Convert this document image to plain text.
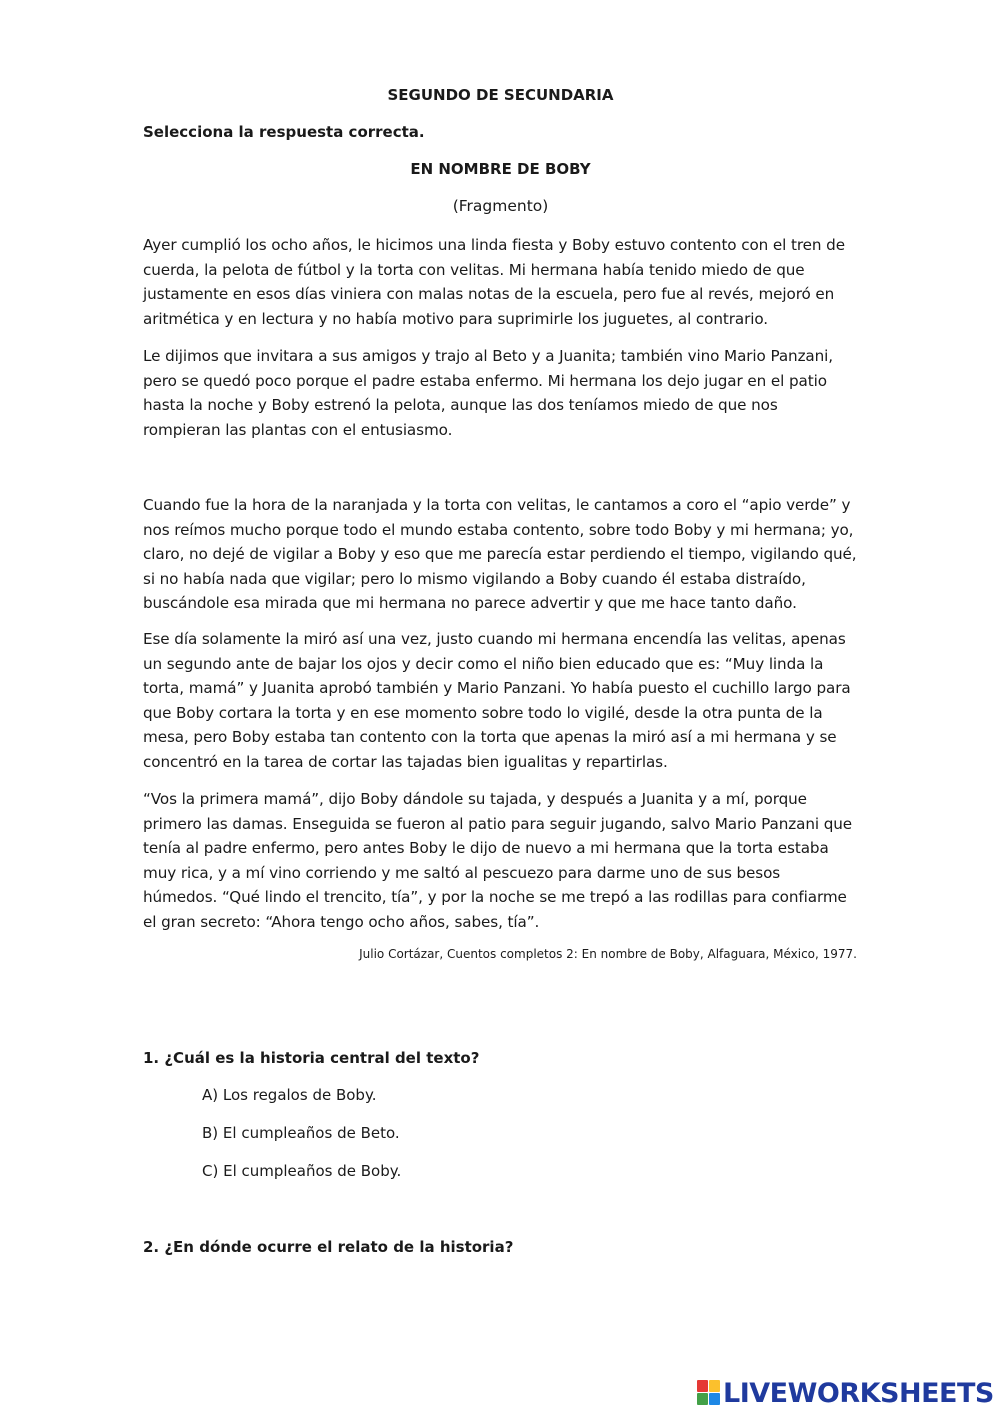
SEGUNDO DE SECUNDARIA
Selecciona la respuesta correcta.
EN NOMBRE DE BOBY
(Fragmento)

Ayer cumplió los ocho años, le hicimos una linda fiesta y Boby estuvo contento con el tren de cuerda, la pelota de fútbol y la torta con velitas. Mi hermana había tenido miedo de que justamente en esos días viniera con malas notas de la escuela, pero fue al revés, mejoró en aritmética y en lectura y no había motivo para suprimirle los juguetes, al contrario.

Le dijimos que invitara a sus amigos y trajo al Beto y a Juanita; también vino Mario Panzani, pero se quedó poco porque el padre estaba enfermo. Mi hermana los dejo jugar en el patio hasta la noche y Boby estrenó la pelota, aunque las dos teníamos miedo de que nos rompieran las plantas con el entusiasmo.

Cuando fue la hora de la naranjada y la torta con velitas, le cantamos a coro el “apio verde” y nos reímos mucho porque todo el mundo estaba contento, sobre todo Boby y mi hermana; yo, claro, no dejé de vigilar a Boby y eso que me parecía estar perdiendo el tiempo, vigilando qué, si no había nada que vigilar; pero lo mismo vigilando a Boby cuando él estaba distraído, buscándole esa mirada que mi hermana no parece advertir y que me hace tanto daño.

Ese día solamente la miró así una vez, justo cuando mi hermana encendía las velitas, apenas un segundo ante de bajar los ojos y decir como el niño bien educado que es: “Muy linda la torta, mamá” y Juanita aprobó también y Mario Panzani. Yo había puesto el cuchillo largo para que Boby cortara la torta y en ese momento sobre todo lo vigilé, desde la otra punta de la mesa, pero Boby estaba tan contento con la torta que apenas la miró así a mi hermana y se concentró en la tarea de cortar las tajadas bien igualitas y repartirlas.

“Vos la primera mamá”, dijo Boby dándole su tajada, y después a Juanita y a mí, porque primero las damas. Enseguida se fueron al patio para seguir jugando, salvo Mario Panzani que tenía al padre enfermo, pero antes Boby le dijo de nuevo a mi hermana que la torta estaba muy rica, y a mí vino corriendo y me saltó al pescuezo para darme uno de sus besos húmedos. “Qué lindo el trencito, tía”, y por la noche se me trepó a las rodillas para confiarme el gran secreto: “Ahora tengo ocho años, sabes, tía”.

Julio Cortázar, Cuentos completos 2: En nombre de Boby, Alfaguara, México, 1977.
1. ¿Cuál es la historia central del texto?
A) Los regalos de Boby.
B) El cumpleaños de Beto.
C) El cumpleaños de Boby.
2. ¿En dónde ocurre el relato de la historia?
LIVEWORKSHEETS
